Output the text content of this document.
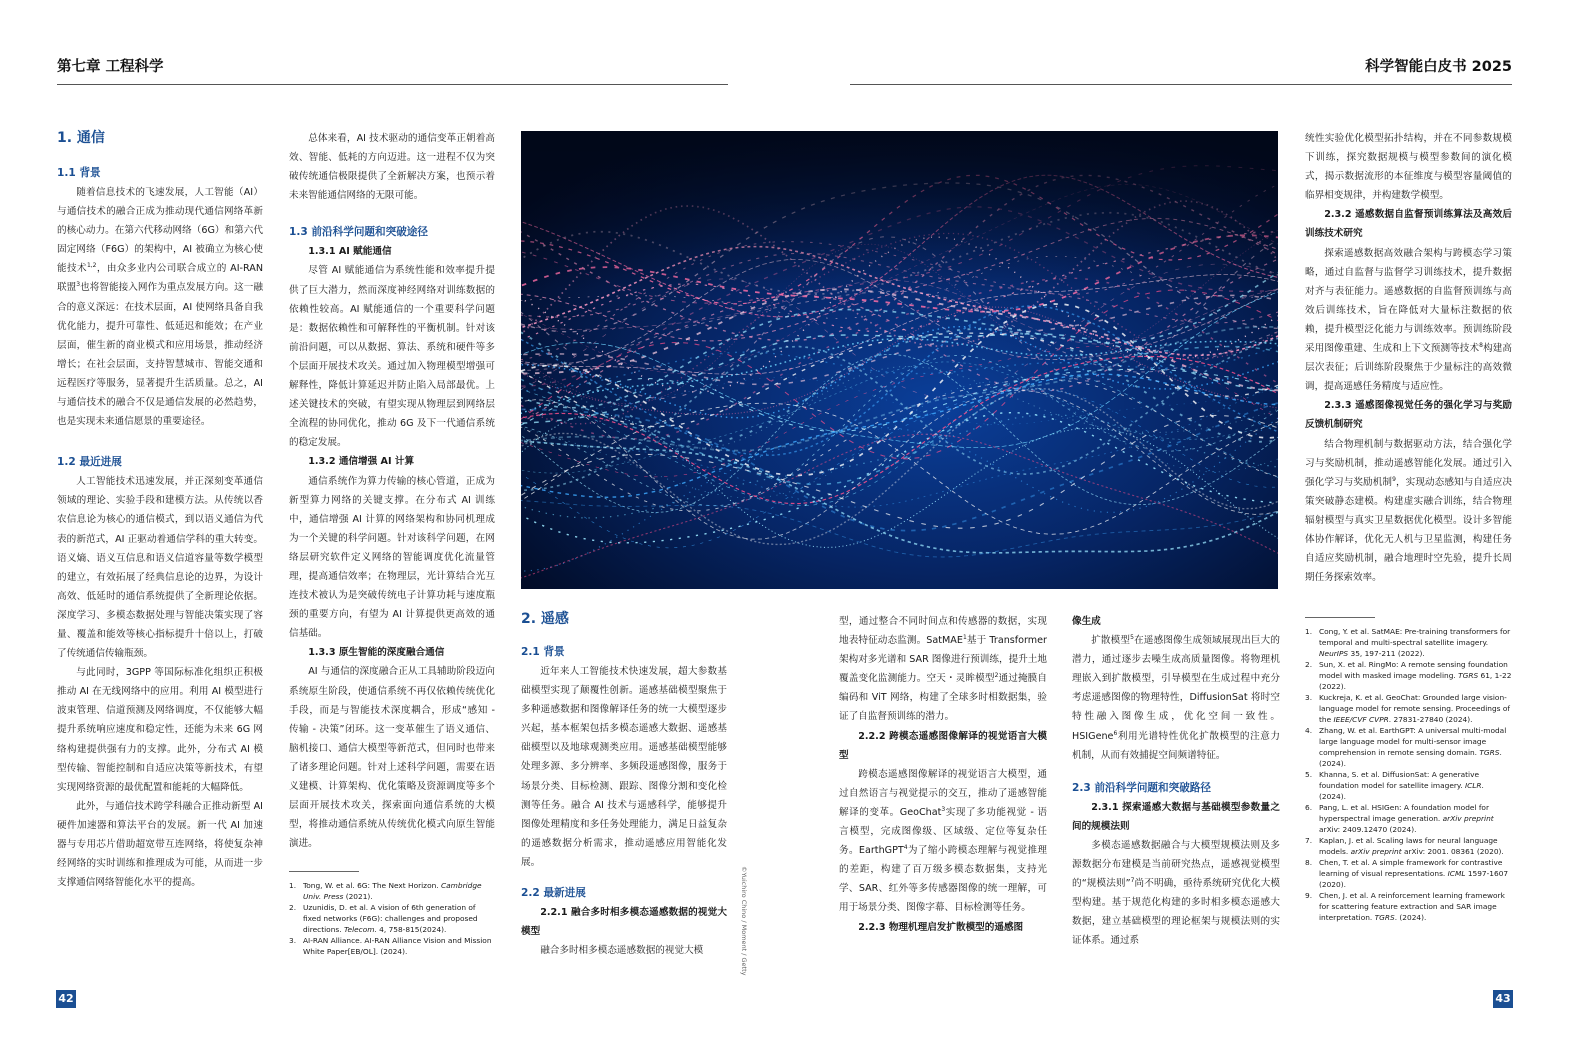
第七章 工程科学	科学智能白皮书 2025
1. 通信
1.1 背景

随着信息技术的飞速发展，人工智能（AI）与通信技术的融合正成为推动现代通信网络革新的核心动力。在第六代移动网络（6G）和第六代固定网络（F6G）的架构中，AI 被确立为核心使能技术$^{1,2}$，由众多业内公司联合成立的 AI-RAN 联盟$^3$也将智能接入网作为重点发展方向。这一融合的意义深远：在技术层面，AI 使网络具备自我优化能力，提升可靠性、低延迟和能效；在产业层面，催生新的商业模式和应用场景，推动经济增长；在社会层面，支持智慧城市、智能交通和远程医疗等服务，显著提升生活质量。总之，AI 与通信技术的融合不仅是通信发展的必然趋势，也是实现未来通信愿景的重要途径。

1.2 最近进展

人工智能技术迅速发展，并正深刻变革通信领域的理论、实验手段和建模方法。从传统以香农信息论为核心的通信模式，到以语义通信为代表的新范式，AI 正驱动着通信学科的重大转变。语义熵、语义互信息和语义信道容量等数学模型的建立，有效拓展了经典信息论的边界，为设计高效、低延时的通信系统提供了全新理论依据。深度学习、多模态数据处理与智能决策实现了容量、覆盖和能效等核心指标提升十倍以上，打破了传统通信传输瓶颈。

与此同时，3GPP 等国际标准化组织正积极推动 AI 在无线网络中的应用。利用 AI 模型进行波束管理、信道预测及网络调度，不仅能够大幅提升系统响应速度和稳定性，还能为未来 6G 网络构建提供强有力的支撑。此外，分布式 AI 模型传输、智能控制和自适应决策等新技术，有望实现网络资源的最优配置和能耗的大幅降低。

此外，与通信技术跨学科融合正推动新型 AI 硬件加速器和算法平台的发展。新一代 AI 加速器与专用芯片借助超宽带互连网络，将使复杂神经网络的实时训练和推理成为可能，从而进一步支撑通信网络智能化水平的提高。

总体来看，AI 技术驱动的通信变革正朝着高效、智能、低耗的方向迈进。这一进程不仅为突破传统通信极限提供了全新解决方案，也预示着未来智能通信网络的无限可能。

1.3 前沿科学问题和突破途径
1.3.1 AI 赋能通信

尽管 AI 赋能通信为系统性能和效率提升提供了巨大潜力，然而深度神经网络对训练数据的依赖性较高。AI 赋能通信的一个重要科学问题是：数据依赖性和可解释性的平衡机制。针对该前沿问题，可以从数据、算法、系统和硬件等多个层面开展技术攻关。通过加入物理模型增强可解释性，降低计算延迟并防止陷入局部最优。上述关键技术的突破，有望实现从物理层到网络层全流程的协同优化，推动 6G 及下一代通信系统的稳定发展。

1.3.2 通信增强 AI 计算

通信系统作为算力传输的核心管道，正成为新型算力网络的关键支撑。在分布式 AI 训练中，通信增强 AI 计算的网络架构和协同机理成为一个关键的科学问题。针对该科学问题，在网络层研究软件定义网络的智能调度优化流量管理，提高通信效率；在物理层，光计算结合光互连技术被认为是突破传统电子计算功耗与速度瓶颈的重要方向，有望为 AI 计算提供更高效的通信基础。

1.3.3 原生智能的深度融合通信

AI 与通信的深度融合正从工具辅助阶段迈向系统原生阶段，使通信系统不再仅依赖传统优化手段，而是与智能技术深度耦合，形成“感知 - 传输 - 决策”闭环。这一变革催生了语义通信、脑机接口、通信大模型等新范式，但同时也带来了诸多理论问题。针对上述科学问题，需要在语义建模、计算架构、优化策略及资源调度等多个层面开展技术攻关，探索面向通信系统的大模型，将推动通信系统从传统优化模式向原生智能演进。

1. Tong, W. et al. 6G: The Next Horizon. Cambridge Univ. Press (2021).
2. Uzunidis, D. et al. A vision of 6th generation of fixed networks (F6G): challenges and proposed directions. Telecom. 4, 758-815(2024).
3. AI-RAN Alliance. AI-RAN Alliance Vision and Mission White Paper[EB/OL]. (2024).	©Yuichiro Chino / Moment / Getty
2. 遥感
2.1 背景

近年来人工智能技术快速发展，超大参数基础模型实现了颠覆性创新。遥感基础模型聚焦于多种遥感数据和图像解译任务的统一大模型逐步兴起，基本框架包括多模态遥感大数据、遥感基础模型以及地球观测类应用。遥感基础模型能够处理多源、多分辨率、多频段遥感图像，服务于场景分类、目标检测、跟踪、图像分割和变化检测等任务。融合 AI 技术与遥感科学，能够提升图像处理精度和多任务处理能力，满足日益复杂的遥感数据分析需求，推动遥感应用智能化发展。

2.2 最新进展
2.2.1 融合多时相多模态遥感数据的视觉大模型

融合多时相多模态遥感数据的视觉大模

型，通过整合不同时间点和传感器的数据，实现地表特征动态监测。SatMAE$^1$基于 Transformer 架构对多光谱和 SAR 图像进行预训练，提升土地覆盖变化监测能力。空天・灵眸模型$^2$通过掩膜自编码和 ViT 网络，构建了全球多时相数据集，验证了自监督预训练的潜力。

2.2.2 跨模态遥感图像解译的视觉语言大模型

跨模态遥感图像解译的视觉语言大模型，通过自然语言与视觉提示的交互，推动了遥感智能解译的变革。GeoChat$^3$实现了多功能视觉 - 语言模型，完成图像级、区域级、定位等复杂任务。EarthGPT$^4$为了缩小跨模态理解与视觉推理的差距，构建了百万级多模态数据集，支持光学、SAR、红外等多传感器图像的统一理解，可用于场景分类、图像字幕、目标检测等任务。

2.2.3 物理机理启发扩散模型的遥感图
像生成

扩散模型$^5$在遥感图像生成领域展现出巨大的潜力，通过逐步去噪生成高质量图像。将物理机理嵌入到扩散模型，引导模型在生成过程中充分考虑遥感图像的物理特性，DiffusionSat 将时空特性融入图像生成，优化空间一致性。HSIGene$^6$利用光谱特性优化扩散模型的注意力机制，从而有效捕捉空间频谱特征。

2.3 前沿科学问题和突破路径
2.3.1 探索遥感大数据与基础模型参数量之间的规模法则

多模态遥感数据融合与大模型规模法则及多源数据分布建模是当前研究热点，遥感视觉模型的“规模法则”$^7$尚不明确，亟待系统研究优化大模型构建。基于规范化构建的多时相多模态遥感大数据，建立基础模型的理论框架与规模法则的实证体系。通过系

统性实验优化模型拓扑结构，并在不同参数规模下训练，探究数据规模与模型参数间的演化模式，揭示数据流形的本征维度与模型容量阈值的临界相变规律，并构建数学模型。

2.3.2 遥感数据自监督预训练算法及高效后训练技术研究

探索遥感数据高效融合架构与跨模态学习策略，通过自监督与监督学习训练技术，提升数据对齐与表征能力。遥感数据的自监督预训练与高效后训练技术，旨在降低对大量标注数据的依赖，提升模型泛化能力与训练效率。预训练阶段采用图像重建、生成和上下文预测等技术$^8$构建高层次表征；后训练阶段聚焦于少量标注的高效微调，提高遥感任务精度与适应性。

2.3.3 遥感图像视觉任务的强化学习与奖励反馈机制研究

结合物理机制与数据驱动方法，结合强化学习与奖励机制，推动遥感智能化发展。通过引入强化学习与奖励机制$^9$，实现动态感知与自适应决策突破静态建模。构建虚实融合训练，结合物理辐射模型与真实卫星数据优化模型。设计多智能体协作解译，优化无人机与卫星监测，构建任务自适应奖励机制，融合地理时空先验，提升长周期任务探索效率。

1. Cong, Y. et al. SatMAE: Pre-training transformers for temporal and multi-spectral satellite imagery. NeurIPS 35, 197-211 (2022).
2. Sun, X. et al. RingMo: A remote sensing foundation model with masked image modeling. TGRS 61, 1-22 (2022).
3. Kuckreja, K. et al. GeoChat: Grounded large vision-language model for remote sensing. Proceedings of the IEEE/CVF CVPR. 27831-27840 (2024).
4. Zhang, W. et al. EarthGPT: A universal multi-modal large language model for multi-sensor image comprehension in remote sensing domain. TGRS. (2024).
5. Khanna, S. et al. DiffusionSat: A generative foundation model for satellite imagery. ICLR. (2024).
6. Pang, L. et al. HSIGen: A foundation model for hyperspectral image generation. arXiv preprint arXiv: 2409.12470 (2024).
7. Kaplan, J. et al. Scaling laws for neural language models. arXiv preprint arXiv: 2001. 08361 (2020).
8. Chen, T. et al. A simple framework for contrastive learning of visual representations. ICML 1597-1607 (2020).
9. Chen, J. et al. A reinforcement learning framework for scattering feature extraction and SAR image interpretation. TGRS. (2024).
42	43
